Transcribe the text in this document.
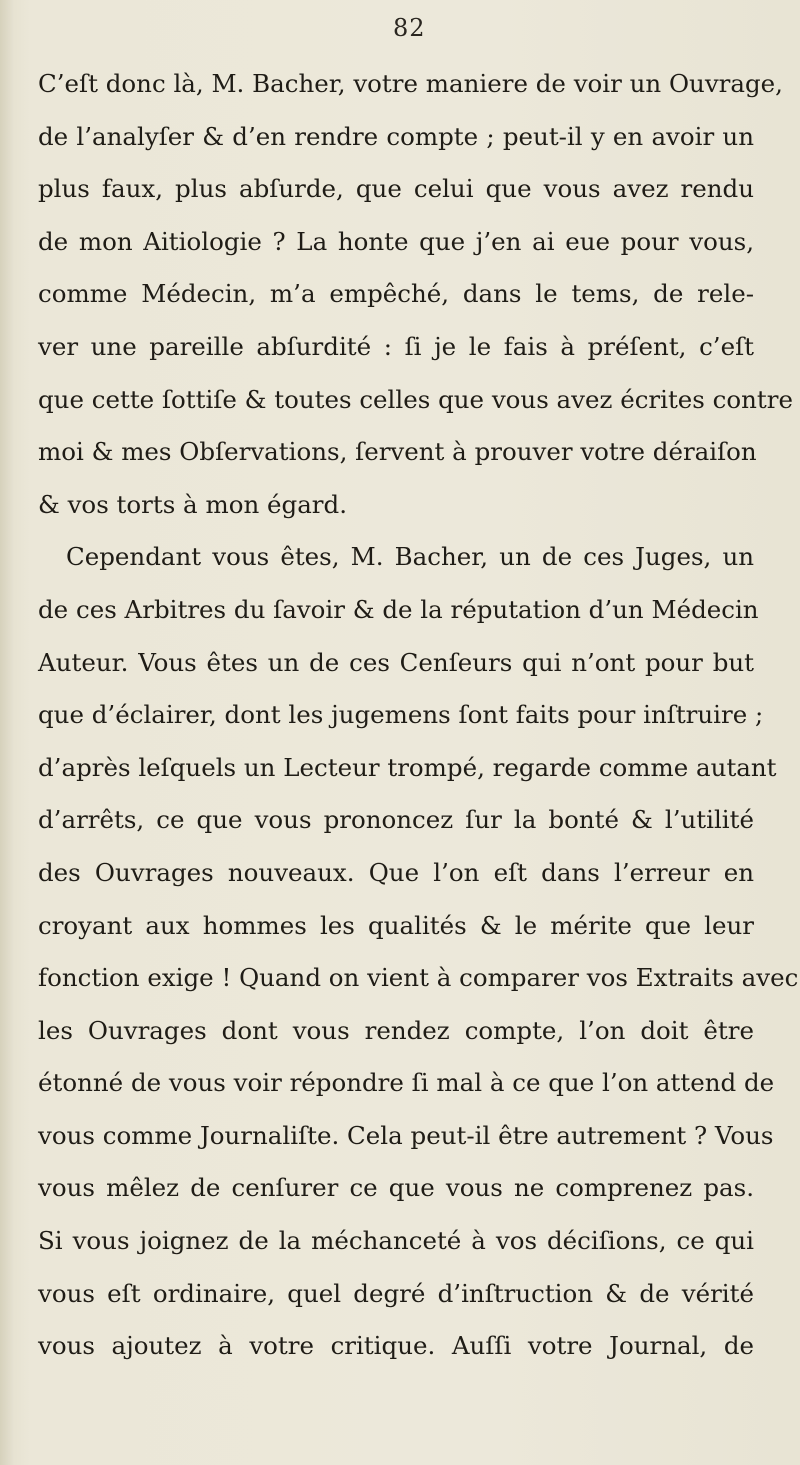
82
C’eſt donc là, M. Bacher, votre maniere de voir un Ouvrage,
de l’analyſer & d’en rendre compte ; peut-il y en avoir un
plus faux, plus abſurde, que celui que vous avez rendu
de mon Aitiologie ? La honte que j’en ai eue pour vous,
comme Médecin, m’a empêché, dans le tems, de rele-
ver une pareille abſurdité : ſi je le fais à préſent, c’eſt
que cette ſottiſe & toutes celles que vous avez écrites contre
moi & mes Obſervations, ſervent à prouver votre déraiſon
& vos torts à mon égard.
Cependant vous êtes, M. Bacher, un de ces Juges, un
de ces Arbitres du ſavoir & de la réputation d’un Médecin
Auteur. Vous êtes un de ces Cenſeurs qui n’ont pour but
que d’éclairer, dont les jugemens ſont faits pour inſtruire ;
d’après leſquels un Lecteur trompé, regarde comme autant
d’arrêts, ce que vous prononcez ſur la bonté & l’utilité
des Ouvrages nouveaux. Que l’on eſt dans l’erreur en
croyant aux hommes les qualités & le mérite que leur
fonction exige ! Quand on vient à comparer vos Extraits avec
les Ouvrages dont vous rendez compte, l’on doit être
étonné de vous voir répondre ſi mal à ce que l’on attend de
vous comme Journaliſte. Cela peut-il être autrement ? Vous
vous mêlez de cenſurer ce que vous ne comprenez pas.
Si vous joignez de la méchanceté à vos déciſions, ce qui
vous eſt ordinaire, quel degré d’inſtruction & de vérité
vous ajoutez à votre critique. Auſſi votre Journal, de
